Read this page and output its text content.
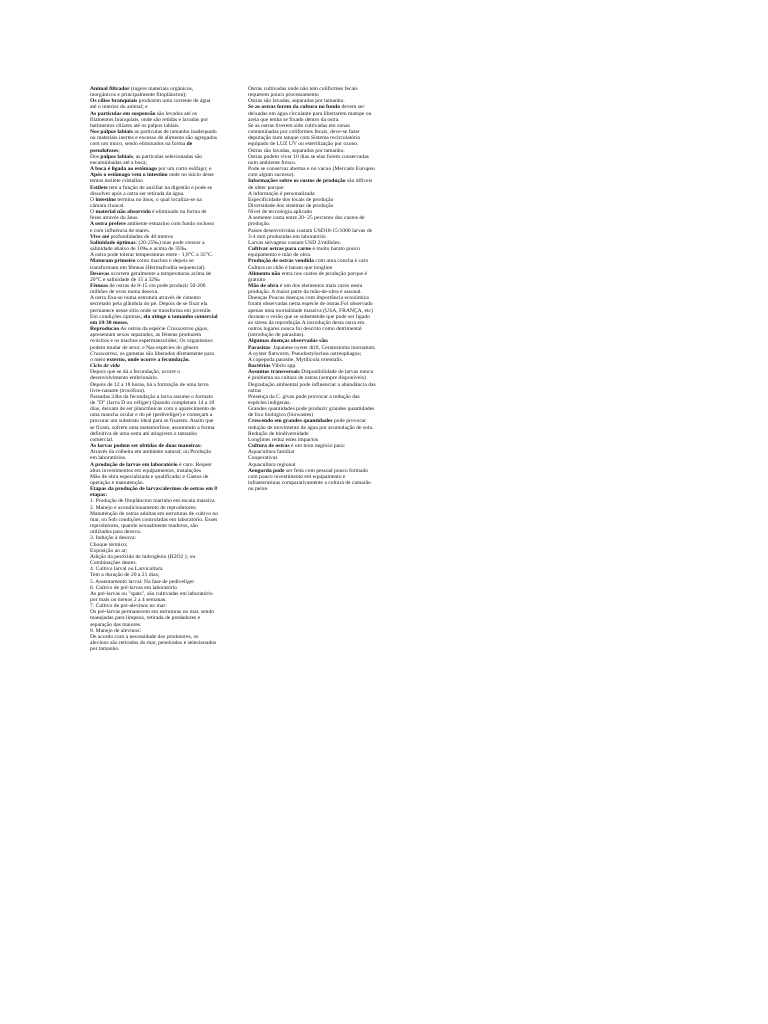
Animal filtrador (ingere materiais orgânicos, inorgânicos e principalmente fitoplâncton);

Os cílios branquiais produzem uma corrente de água até o interior do animal; e

As partículas em suspensão são levados até os filamentos branquiais, onde são retidas e lavadas por batimentos ciliares até os palpos labiais.

Nos palpos labiais as partículas de tamanho inadequado ou materiais inertes e excesso de alimento são agregados com um muco, sendo eliminados na forma de pseudofezes;

Dos palpos labiais, as partículas selecionadas são encaminhadas até a boca;

A boca é ligada ao estômago por um curto esôfago; e

Após o estômago vem o intestino onde no início deste temos estilete cristalino

Estilete tem a função de auxiliar na digestão e pode se dissolver após a ostra ser retirada da água.

O intestino termina no ânus, o qual localiza-se na câmara cloacal.

O material não absorvido é eliminado na forma de fezes através do ânus.

A ostra prefere ambiente estuarino com fundo rochoso e com influência de marés.

Vive até profundidades de 40 metros

Salinidade óptimas: (20-25‰) mas pode crescer a salinidade abaixo de 10‰ e acima de 35‰.

A ostra pode tolerar temperaturas entre - 1,8°C a 35°C.

Maturam primeiro como machos e depois se transformam em fêmeas (Hermafrodita sequencial).

Desovas ocorrem geralmente a temperaturas acima de 20°C e salinidade de 15 a 32‰

Fêmeas de ostras de 8-15 cm pode produzir 50-200 milhões de ovos numa desova.

A ostra fixa-se numa estrutura através de cimento secretado pela glândula do pé. Depois de se fixar ela permanece nesse sítio onde se transforma em juvenile. Em condições óptimas, ela atinge o tamanho comercial em 18-30 meses.

Reproducao As ostras da espécie Crassostrea gigas, apresentam sexos separados, as fêmeas produzem ovócitos e os machos espermatozóides; Os organismos podem mudar de sexo; e Nas espécies do gênero Crassostrea, os gametas são liberados diretamente para o meio externo, onde ocorre a fecundação.

Ciclo de vida

Depois que se dá a fecundação, ocorre o desenvolvimento embrionário.

Depois de 12 a 18 horas, há a formação de uma larva livre-natante (trocófora).

Passadas 24hs da fecundação a larva assume o formato de "D" (larva D ou véliger) Quando completam 14 a 18 dias, deixam de ser planctônicas com o aparecimento de uma mancha ocular e do pé (pediveliger) e começam a procurar um substrato ideal para se fixarem. Assim que se fixam, sofrem uma metamorfose, assumindo a forma definitiva de uma ostra até atingirem o tamanho comercial.

As larvas podem ser obtidas de duas maneiras: Através da colheita em ambiente natural; ou Produção em laboratórios.

A produção de larvas em laboratório é caro: Requer altos investimentos em equipamentos, instalações

Mão de obra especializada e qualificada; e Gastos de operação e manutenção.

Etapas da produção de larvas/alevinos de ostras em 8 etapas:

1. Produção de fitoplâncton marinho em escala massiva

2. Manejo e acondicionamento de reprodutores:

Manutenção de ostras adultas em estruturas de cultivo no mar, ou Sob condições controladas em laboratório. Esses reprodutores, quando sexualmente maduros, são utilizados para desova.

3. Indução à desova:

Choque térmico;

Exposição ao ar;

Adição da peróxido de hidrogênio (H2O2 ); ou

Combinações destes.

4. Cultivo larval ou Larvicultura

Tem a duração de 20 a 21 dias;

5. Assentamento larval: Na fase de pediveliger

6. Cultivo de pré-larvas em laboratório

As pré-larvas ou "spats", são cultivadas em laboratório por mais ou menos 2 a 4 semanas.

7. Cultivo de pré-alevinos no mar:

Os pré-larvas permanecem em estruturas no mar, sendo manejadas para limpeza, retirada de predadores e separação das maiores.

8. Manejo de alevinos:

De acordo com a necessidade dos produtores, os alevinos são retirados do mar, peneirados e selecionados por tamanho.

Ostras cultivadas onde não tem coliformes fecais requerem pouco processamento

Ostras são lavadas, separadas por tamanho.

Se as ostras forem da cultura no fundo devem ser deixadas em água circulante para libertarem matope ou areia que tenha se fixado dentro da ostra.

Se as ostras tiverem sido cultivadas em zonas contaminadas por coliformes fecais, deve-se fazer depuração num tanque com Sistema recirculatório equipado de LUZ UV ou esterilização por ozono.

Ostras são lavadas, separadas por tamanho.

Ostras podem viver 10 dias se elas forem conservadas num ambiente fresco.

Pode se conservar abertas e no vacuo (Mercado Europeu com algum sucesso).

Informações sobre os custos de produção são difíceis de obter porque:

A informação é personalizada

Especificidade dos locais de produção

Diversidade dos sistemas de produção

Nível de tecnologia aplicado

A semente custa entre 20- 25 percento dos custos de produção.

Países desenvolvidas custam USD10-15/1000 larvas de 3-4 mm produzidas em laboratório

Larvas selvagens custam USD 2/milhões.

Cultivar ostras para carne é muito barato pouco equipamento e mão de obra.

Produção de ostras vendida com uma concha é caro

Cultura no chão é barato que longline

Alimento não entra nos custos de produção porque é gratuito

Mão de obra é um dos elementos mais caros nesta produção. A maior parte da mão-de-obra é sasonal.

Doenças Poucas doenças com importância económica foram observadas nesta espécie de ostras.Foi observado apenas uma mortalidade massiva (USA, FRANÇA, etc) durante o verão que se subentende que pode ser ligado ao stress da reprodução.A introdução desta ostra em outros lugares nunca foi descrito como detrimental (introdução de parasitas).

Algumas doenças observadas são:

Parasitas: Japanese oyster drill, Ceratostoma inornatum; A oyster flatworm, Pseudostylochus ostreophagus;

A copepoda parasite, Mytilicola orientalis.

Bactérias Vibrio spp.

Assuntos transversais Disponibilidade de larvas nunca é problema na cultura de ostras (sempre disponíveis)

Degradação ambiental pode influenciar a abundância das ostras

Presença da C. givas pode provocar a redução das espécies indígenas.

Grandes quantidades pode produzir grandes quantidades de lixo biológico (biowastes)

Crescendo em grandes quantidades pode provocar redução de movimento de água por acumulação de solo.

Redução de biodiversidade

Longlines reduz estes impactos

Cultura de ostras é um bom negócio para:

Aquacultura familiar

Cooperativas

Aquacultura regional

Aengorda pode ser feita com pessoal pouco formado com pouco investimento em equipamento e infraestruturas comparativamente a cultura de camarão ou peixe.
